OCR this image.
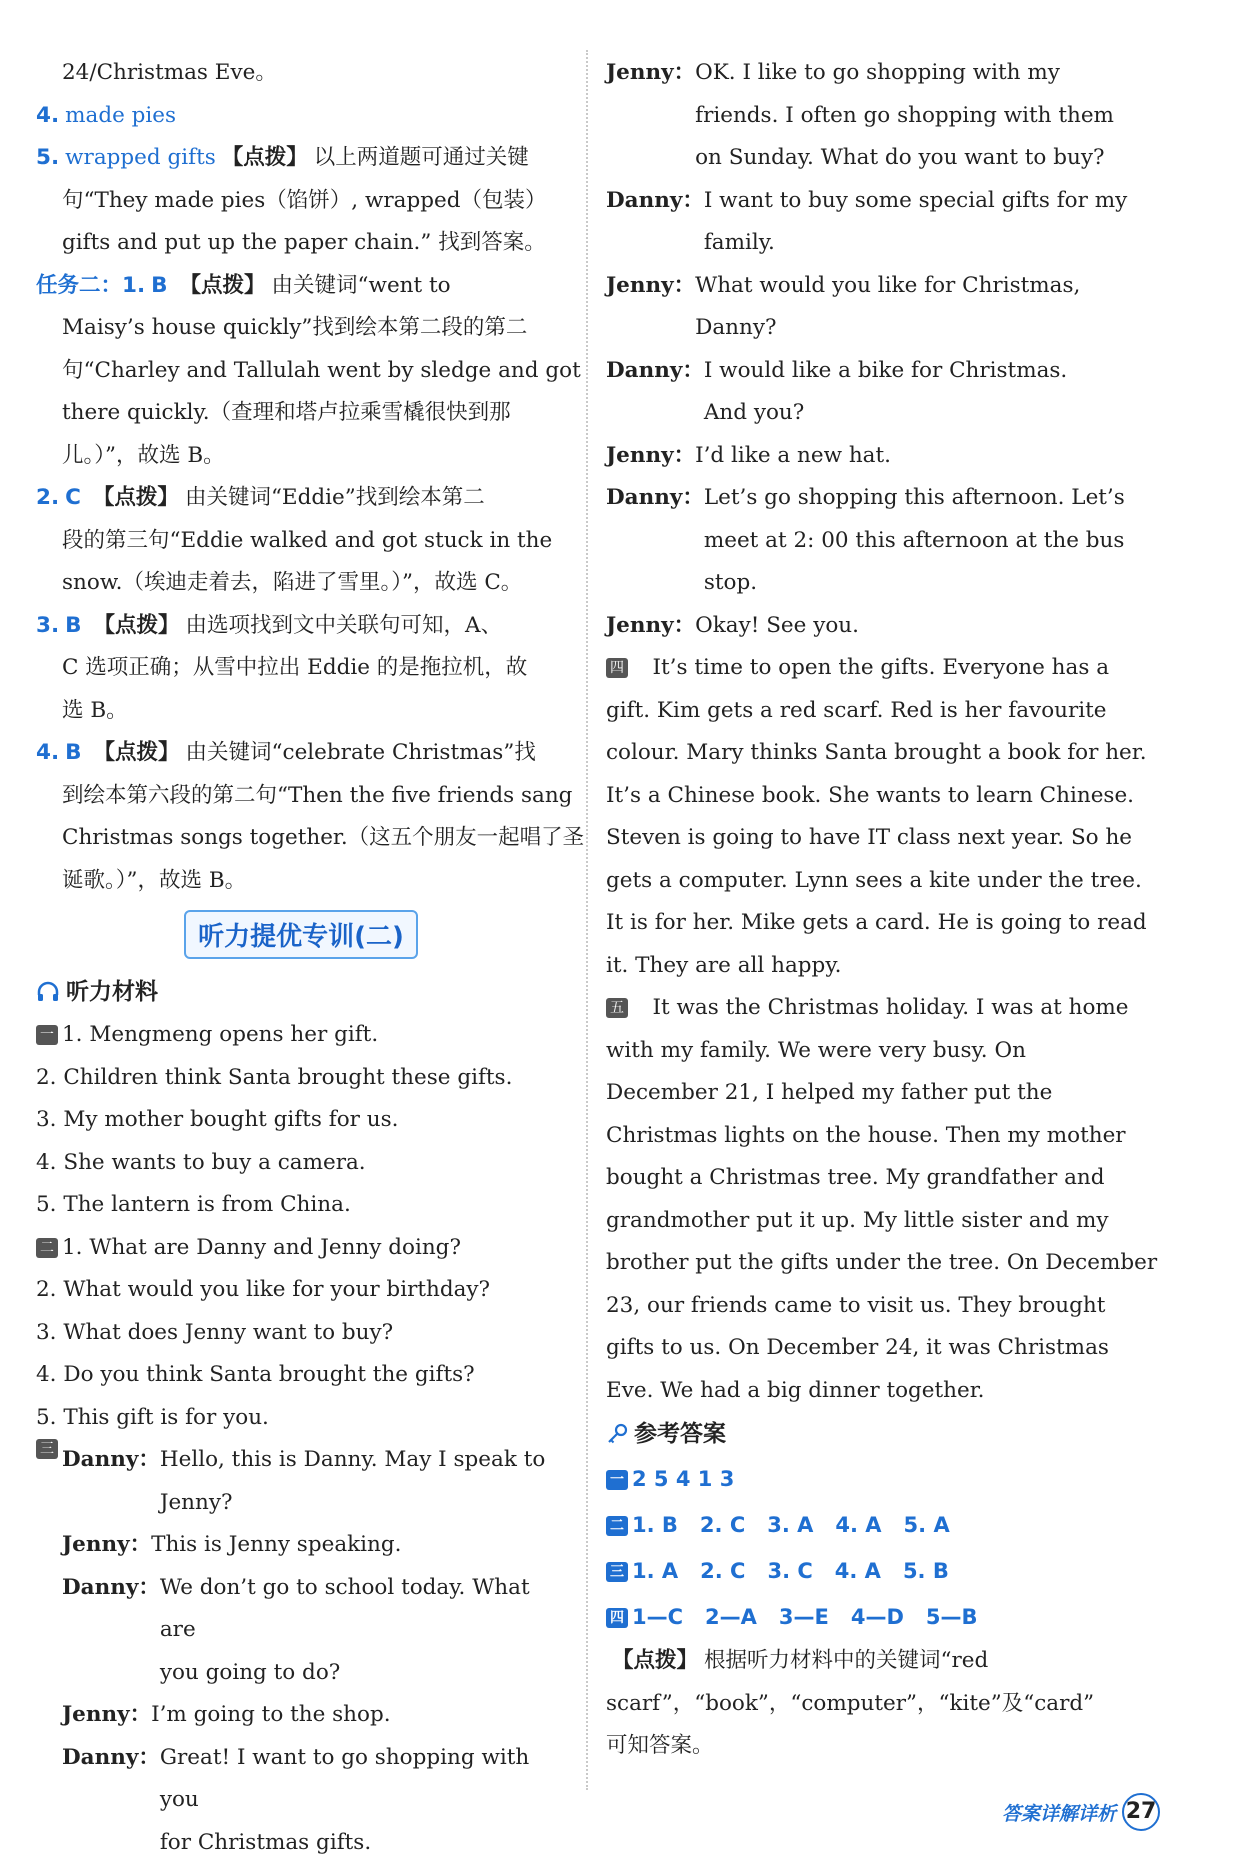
24/Christmas Eve。
4. made pies
5. wrapped gifts 【点拨】 以上两道题可通过关键
句“They made pies（馅饼）, wrapped（包装）
gifts and put up the paper chain.” 找到答案。
任务二：1. B 【点拨】 由关键词“went to
Maisy’s house quickly”找到绘本第二段的第二
句“Charley and Tallulah went by sledge and got
there quickly.（查理和塔卢拉乘雪橇很快到那
儿。）”，故选 B。
2. C 【点拨】 由关键词“Eddie”找到绘本第二
段的第三句“Eddie walked and got stuck in the
snow.（埃迪走着去，陷进了雪里。）”，故选 C。
3. B 【点拨】 由选项找到文中关联句可知，A、
C 选项正确；从雪中拉出 Eddie 的是拖拉机，故
选 B。
4. B 【点拨】 由关键词“celebrate Christmas”找
到绘本第六段的第二句“Then the five friends sang
Christmas songs together.（这五个朋友一起唱了圣
诞歌。）”，故选 B。
听力提优专训(二)
听力材料
一 1. Mengmeng opens her gift.
2. Children think Santa brought these gifts.
3. My mother bought gifts for us.
4. She wants to buy a camera.
5. The lantern is from China.
二 1. What are Danny and Jenny doing?
2. What would you like for your birthday?
3. What does Jenny want to buy?
4. Do you think Santa brought the gifts?
5. This gift is for you.
三 Danny： Hello, this is Danny. May I speak to
Jenny?
Jenny： This is Jenny speaking.
Danny： We don’t go to school today. What are
you going to do?
Jenny： I’m going to the shop.
Danny： Great! I want to go shopping with you
for Christmas gifts.
Jenny： OK. I like to go shopping with my
friends. I often go shopping with them
on Sunday. What do you want to buy?
Danny： I want to buy some special gifts for my
family.
Jenny： What would you like for Christmas,
Danny?
Danny： I would like a bike for Christmas.
And you?
Jenny： I’d like a new hat.
Danny： Let’s go shopping this afternoon. Let’s
meet at 2: 00 this afternoon at the bus
stop.
Jenny： Okay! See you.
四 It’s time to open the gifts. Everyone has a
gift. Kim gets a red scarf. Red is her favourite
colour. Mary thinks Santa brought a book for her.
It’s a Chinese book. She wants to learn Chinese.
Steven is going to have IT class next year. So he
gets a computer. Lynn sees a kite under the tree.
It is for her. Mike gets a card. He is going to read
it. They are all happy.
五 It was the Christmas holiday. I was at home
with my family. We were very busy. On
December 21, I helped my father put the
Christmas lights on the house. Then my mother
bought a Christmas tree. My grandfather and
grandmother put it up. My little sister and my
brother put the gifts under the tree. On December
23, our friends came to visit us. They brought
gifts to us. On December 24, it was Christmas
Eve. We had a big dinner together.
参考答案
一 2 5 4 1 3
二 1. B 2. C 3. A 4. A 5. A
三 1. A 2. C 3. C 4. A 5. B
四 1—C 2—A 3—E 4—D 5—B
【点拨】 根据听力材料中的关键词“red
scarf”，“book”，“computer”，“kite”及“card”
可知答案。
答案详解详析 27
